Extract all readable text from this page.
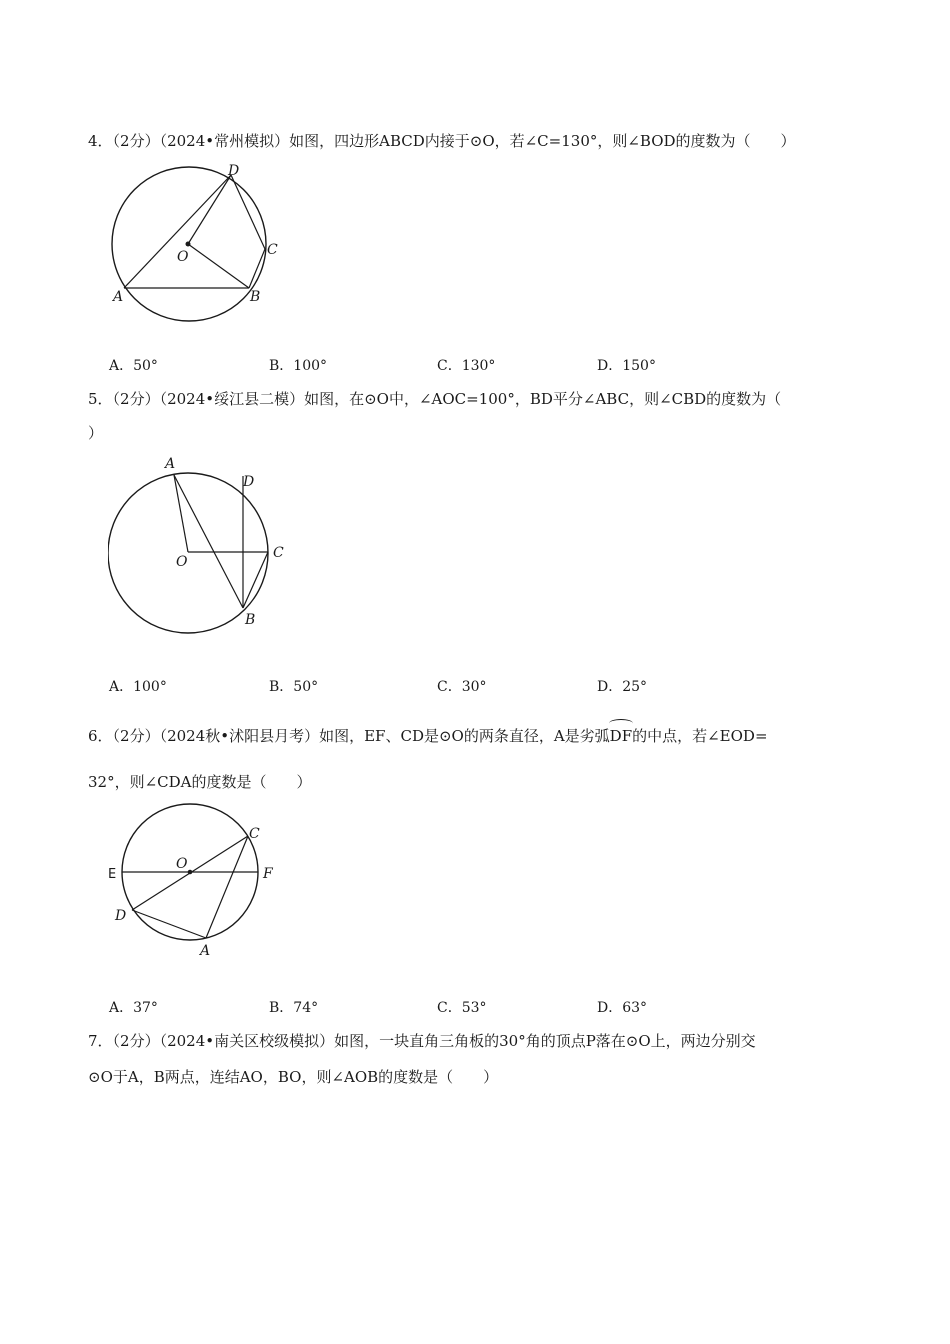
4．（2分）（2024•常州模拟）如图，四边形ABCD内接于⊙O，若∠C=130°，则∠BOD的度数为（　　）
D
C
O
A	B
A．50°	B．100°	C．130°	D．150°
5．（2分）（2024•绥江县二模）如图，在⊙O中，∠AOC=100°，BD平分∠ABC，则∠CBD的度数为（
）
A
D
O
C
B
A．100°	B．50°	C．30°	D．25°
6．（2分）（2024秋•沭阳县月考）如图，EF、CD是⊙O的两条直径，A是劣弧DF的中点，若∠EOD=
32°，则∠CDA的度数是（　　）
C
O
E	F
D
A
A．37°	B．74°	C．53°	D．63°
7．（2分）（2024•南关区校级模拟）如图，一块直角三角板的30°角的顶点P落在⊙O上，两边分别交
⊙O于A，B两点，连结AO，BO，则∠AOB的度数是（　　）
